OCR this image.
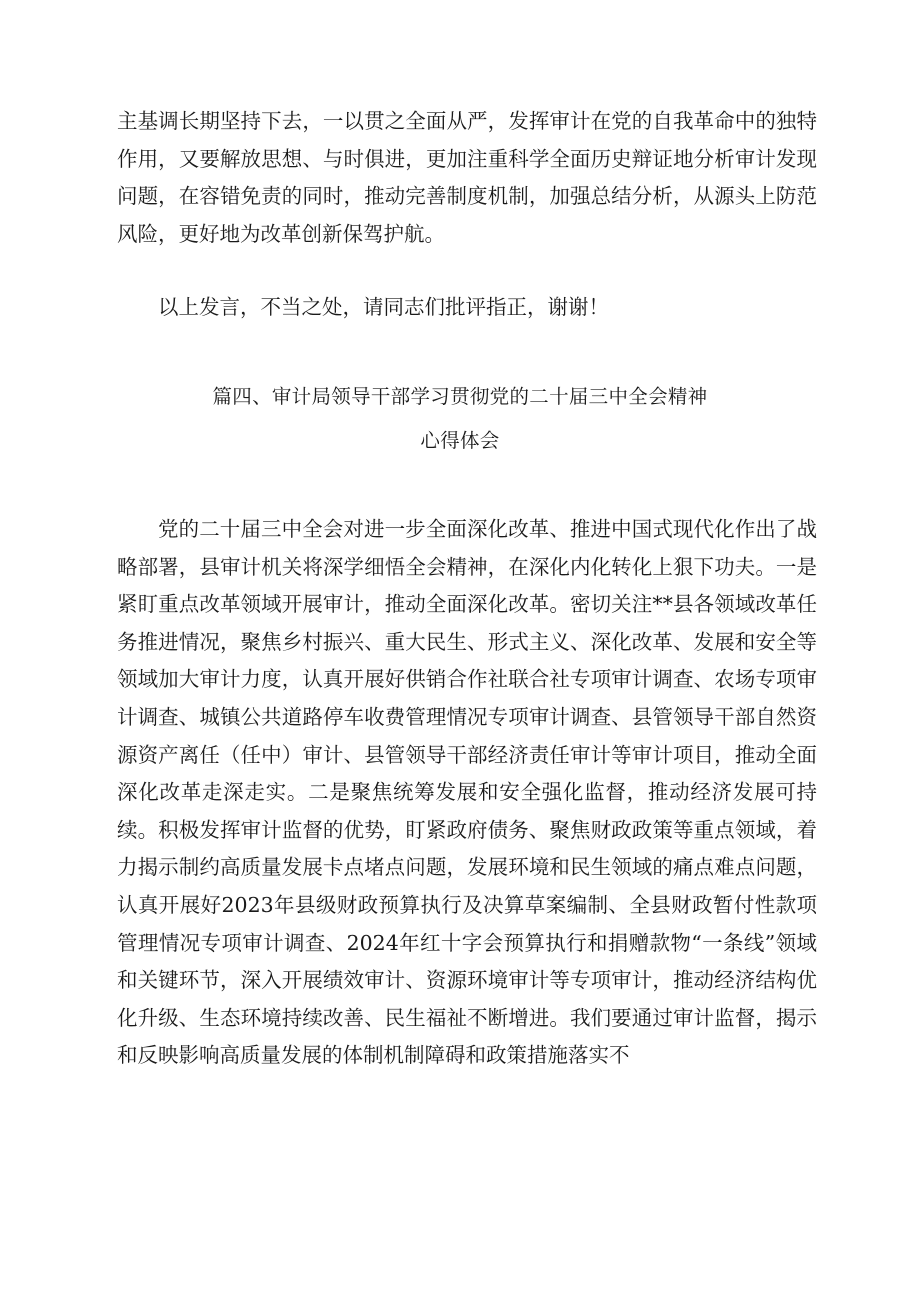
主基调长期坚持下去，一以贯之全面从严，发挥审计在党的自我革命中的独特作用，又要解放思想、与时俱进，更加注重科学全面历史辩证地分析审计发现问题，在容错免责的同时，推动完善制度机制，加强总结分析，从源头上防范风险，更好地为改革创新保驾护航。

以上发言，不当之处，请同志们批评指正，谢谢！

篇四、审计局领导干部学习贯彻党的二十届三中全会精神
心得体会

党的二十届三中全会对进一步全面深化改革、推进中国式现代化作出了战略部署，县审计机关将深学细悟全会精神，在深化内化转化上狠下功夫。一是紧盯重点改革领域开展审计，推动全面深化改革。密切关注**县各领域改革任务推进情况，聚焦乡村振兴、重大民生、形式主义、深化改革、发展和安全等领域加大审计力度，认真开展好供销合作社联合社专项审计调查、农场专项审计调查、城镇公共道路停车收费管理情况专项审计调查、县管领导干部自然资源资产离任（任中）审计、县管领导干部经济责任审计等审计项目，推动全面深化改革走深走实。二是聚焦统筹发展和安全强化监督，推动经济发展可持续。积极发挥审计监督的优势，盯紧政府债务、聚焦财政政策等重点领域，着力揭示制约高质量发展卡点堵点问题，发展环境和民生领域的痛点难点问题，认真开展好2023年县级财政预算执行及决算草案编制、全县财政暂付性款项管理情况专项审计调查、2024年红十字会预算执行和捐赠款物“一条线”领域和关键环节，深入开展绩效审计、资源环境审计等专项审计，推动经济结构优化升级、生态环境持续改善、民生福祉不断增进。我们要通过审计监督，揭示和反映影响高质量发展的体制机制障碍和政策措施落实不
